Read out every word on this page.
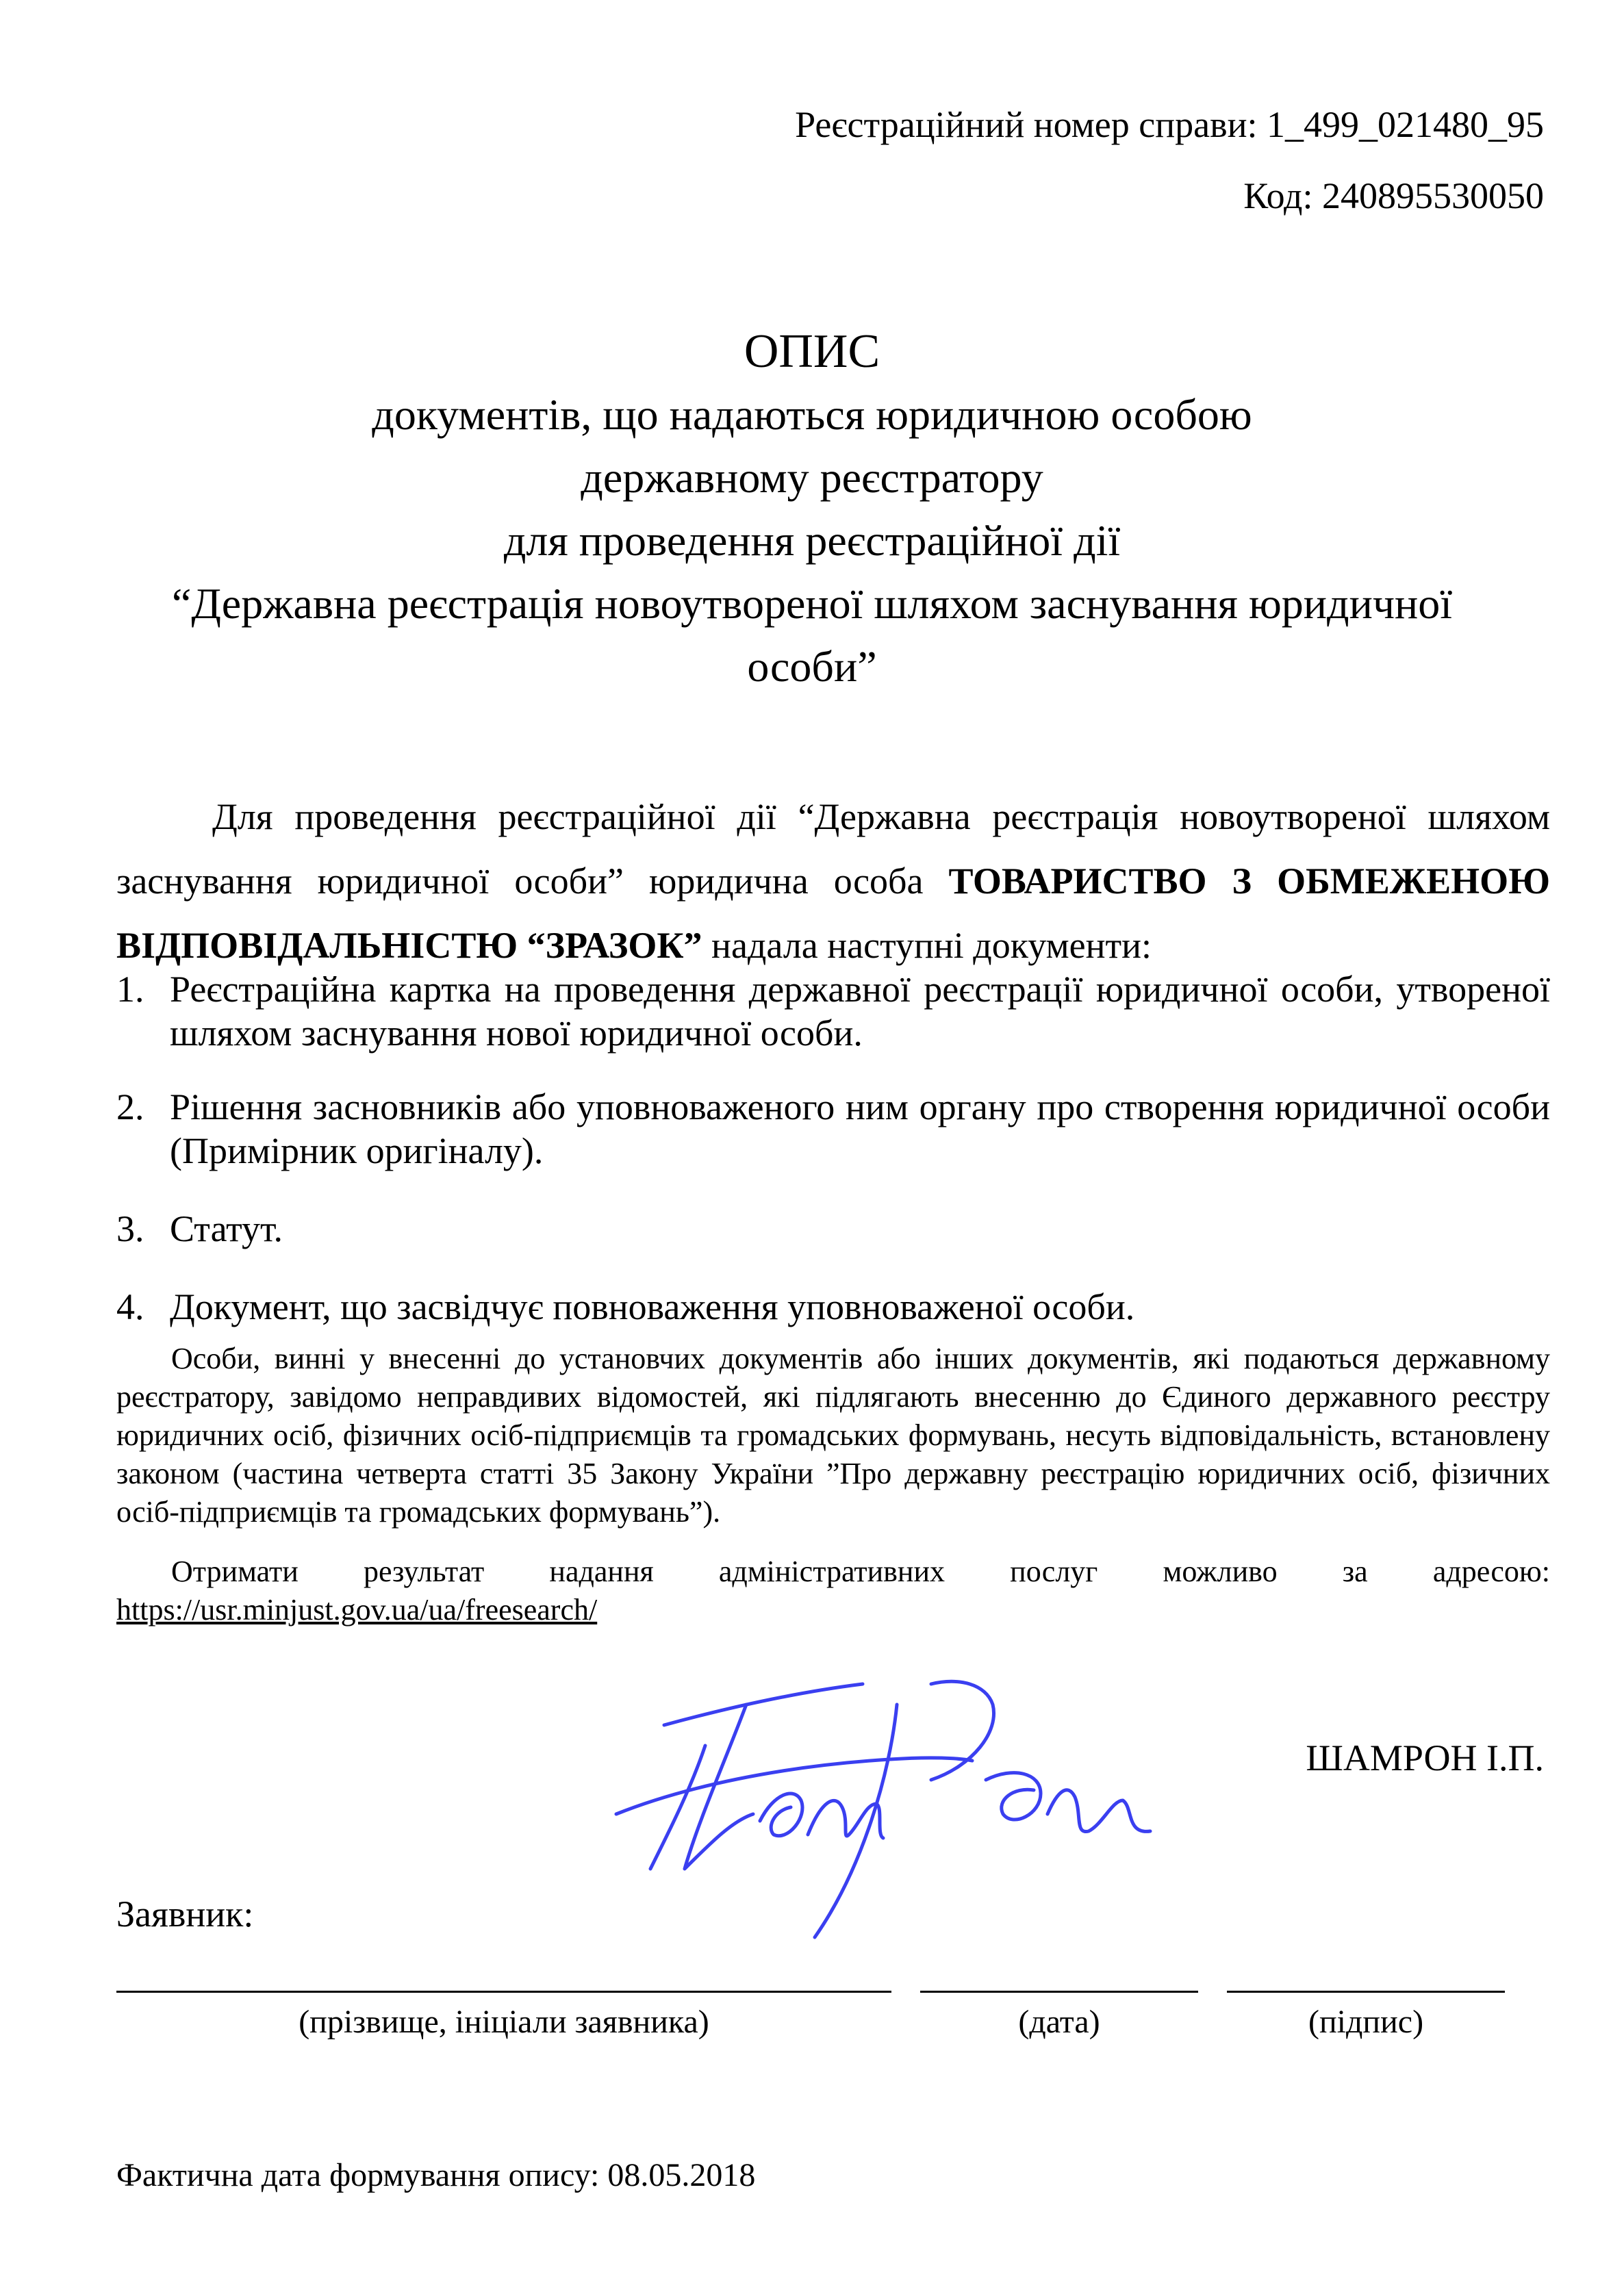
Реєстраційний номер справи: 1_499_021480_95
Код: 240895530050
ОПИС
документів, що надаються юридичною особою
державному реєстратору
для проведення реєстраційної дії
“Державна реєстрація новоутвореної шляхом заснування юридичної
особи”
Для проведення реєстраційної дії “Державна реєстрація новоутвореної шляхом заснування юридичної особи” юридична особа ТОВАРИСТВО З ОБМЕЖЕНОЮ ВІДПОВІДАЛЬНІСТЮ “ЗРАЗОК” надала наступні документи:
1. Реєстраційна картка на проведення державної реєстрації юридичної особи, утвореної шляхом заснування нової юридичної особи.
2. Рішення засновників або уповноваженого ним органу про створення юридичної особи (Примірник оригіналу).
3. Статут.
4. Документ, що засвідчує повноваження уповноваженої особи.
Особи, винні у внесенні до установчих документів або інших документів, які подаються державному реєстратору, завідомо неправдивих відомостей, які підлягають внесенню до Єдиного державного реєстру юридичних осіб, фізичних осіб-підприємців та громадських формувань, несуть відповідальність, встановлену законом (частина четверта статті 35 Закону України ”Про державну реєстрацію юридичних осіб, фізичних осіб-підприємців та громадських формувань”).
Отримати результат надання адміністративних послуг можливо за адресою:
https://usr.minjust.gov.ua/ua/freesearch/
ШАМРОН І.П.
Заявник:
(прізвище, ініціали заявника)	(дата)	(підпис)
Фактична дата формування опису: 08.05.2018
